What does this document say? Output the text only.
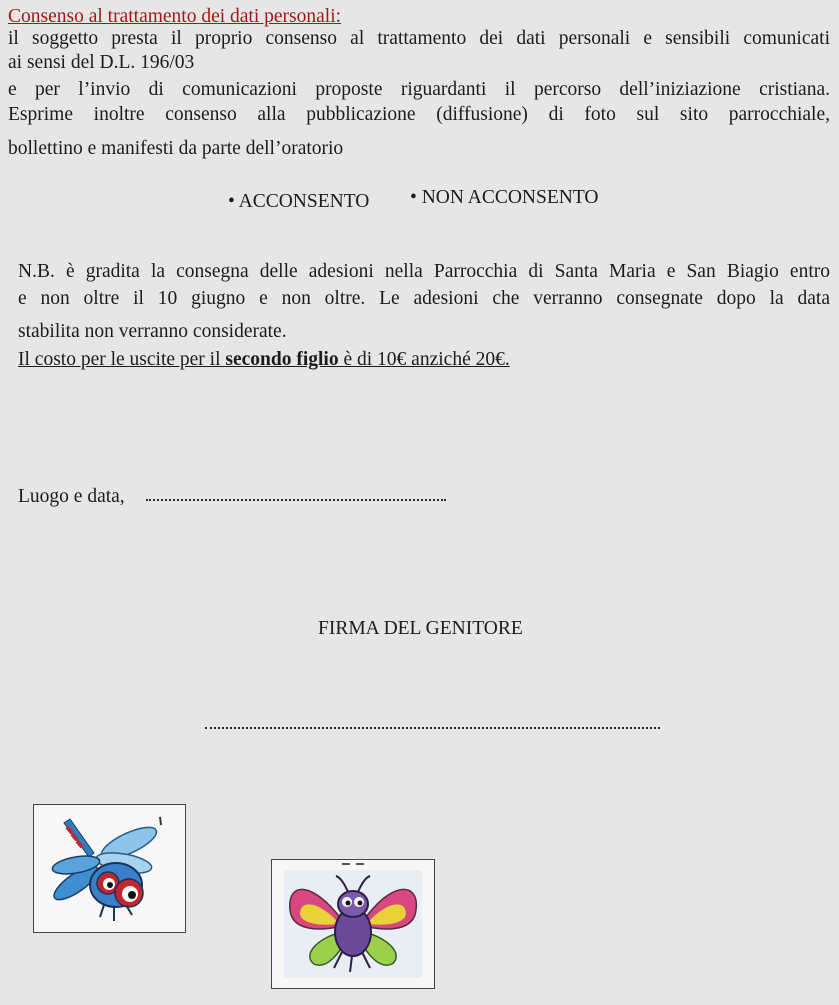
Consenso al trattamento dei dati personali:
il soggetto presta il proprio consenso al trattamento dei dati personali e sensibili comunicati
ai sensi del D.L. 196/03
e per l’invio di comunicazioni proposte riguardanti il percorso dell’iniziazione cristiana.
Esprime inoltre consenso alla pubblicazione (diffusione) di foto sul sito parrocchiale,
bollettino e manifesti da parte dell’oratorio
• ACCONSENTO • NON ACCONSENTO
N.B. è gradita la consegna delle adesioni nella Parrocchia di Santa Maria e San Biagio entro
e non oltre il 10 giugno e non oltre. Le adesioni che verranno consegnate dopo la data
stabilita non verranno considerate.
Il costo per le uscite per il secondo figlio è di 10€ anziché 20€.
Luogo e data,
FIRMA DEL GENITORE
